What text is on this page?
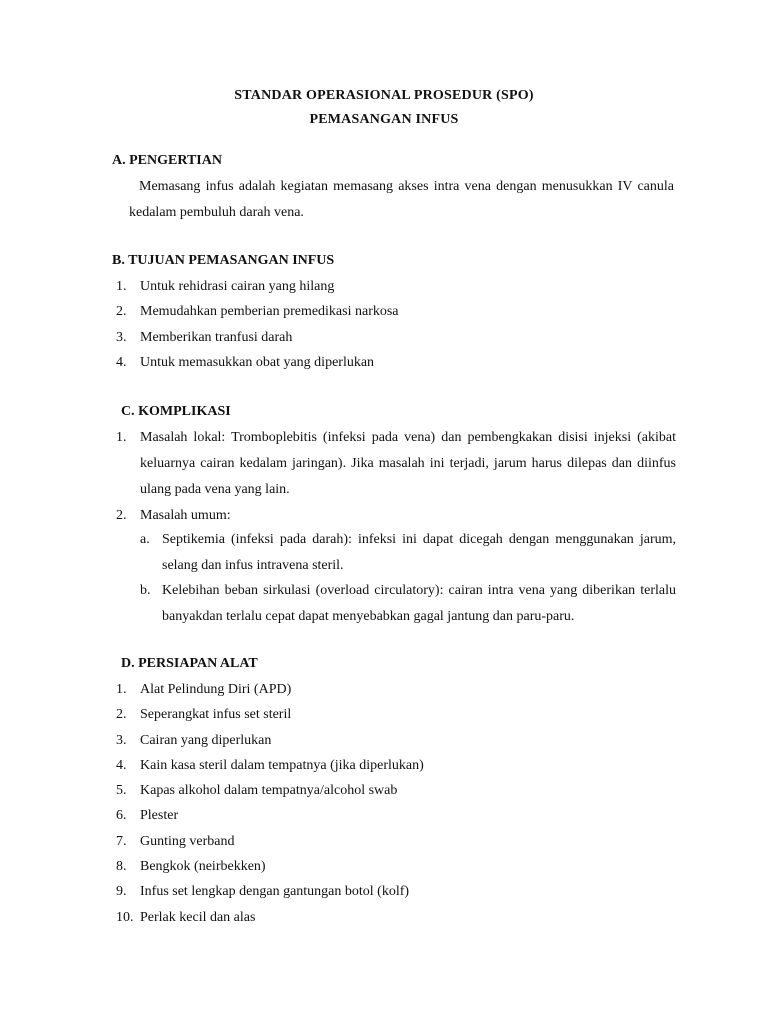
STANDAR OPERASIONAL PROSEDUR (SPO)
PEMASANGAN INFUS
A. PENGERTIAN
Memasang infus adalah kegiatan memasang akses intra vena dengan menusukkan IV canula kedalam pembuluh darah vena.
B. TUJUAN PEMASANGAN INFUS
1. Untuk rehidrasi cairan yang hilang
2. Memudahkan pemberian premedikasi narkosa
3. Memberikan tranfusi darah
4. Untuk memasukkan obat yang diperlukan
C. KOMPLIKASI
1. Masalah lokal: Tromboplebitis (infeksi pada vena) dan pembengkakan disisi injeksi (akibat keluarnya cairan kedalam jaringan). Jika masalah ini terjadi, jarum harus dilepas dan diinfus ulang pada vena yang lain.
2. Masalah umum:
a. Septikemia (infeksi pada darah): infeksi ini dapat dicegah dengan menggunakan jarum, selang dan infus intravena steril.
b. Kelebihan beban sirkulasi (overload circulatory): cairan intra vena yang diberikan terlalu banyakdan terlalu cepat dapat menyebabkan gagal jantung dan paru-paru.
D. PERSIAPAN ALAT
1. Alat Pelindung Diri (APD)
2. Seperangkat infus set steril
3. Cairan yang diperlukan
4. Kain kasa steril dalam tempatnya (jika diperlukan)
5. Kapas alkohol dalam tempatnya/alcohol swab
6. Plester
7. Gunting verband
8. Bengkok (neirbekken)
9. Infus set lengkap dengan gantungan botol (kolf)
10. Perlak kecil dan alas
